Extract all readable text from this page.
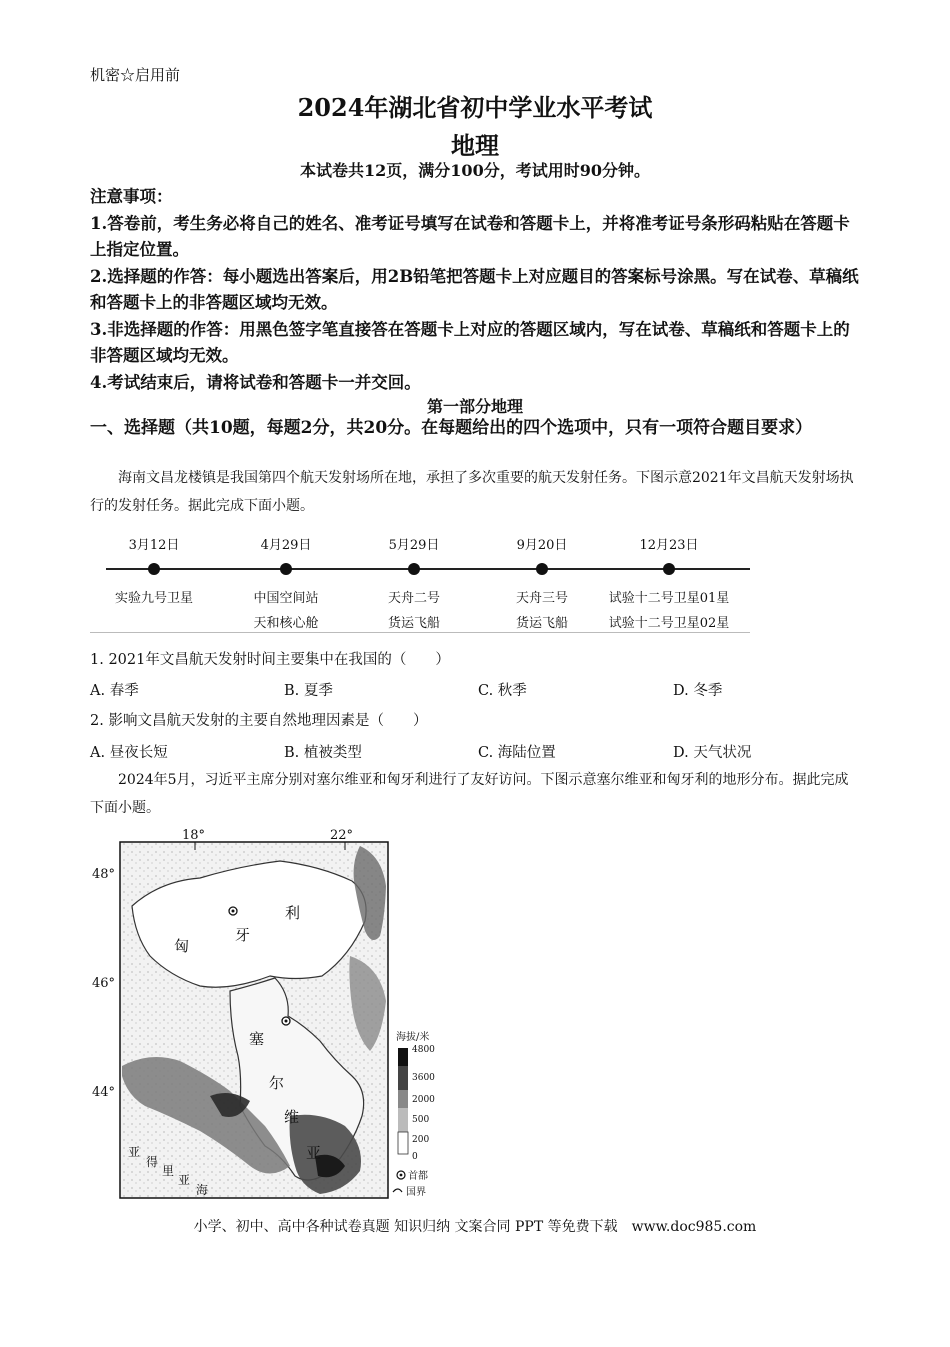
机密☆启用前
2024年湖北省初中学业水平考试
地理
本试卷共12页，满分100分，考试用时90分钟。
注意事项：
1.答卷前，考生务必将自己的姓名、准考证号填写在试卷和答题卡上，并将准考证号条形码粘贴在答题卡上指定位置。
2.选择题的作答：每小题选出答案后，用2B铅笔把答题卡上对应题目的答案标号涂黑。写在试卷、草稿纸和答题卡上的非答题区域均无效。
3.非选择题的作答：用黑色签字笔直接答在答题卡上对应的答题区域内，写在试卷、草稿纸和答题卡上的非答题区域均无效。
4.考试结束后，请将试卷和答题卡一并交回。
第一部分地理
一、选择题（共10题，每题2分，共20分。在每题给出的四个选项中，只有一项符合题目要求）
海南文昌龙楼镇是我国第四个航天发射场所在地，承担了多次重要的航天发射任务。下图示意2021年文昌航天发射场执行的发射任务。据此完成下面小题。
3月12日
实验九号卫星
4月29日
中国空间站
天和核心舱
5月29日
天舟二号
货运飞船
9月20日
天舟三号
货运飞船
12月23日
试验十二号卫星01星
试验十二号卫星02星
1. 2021年文昌航天发射时间主要集中在我国的（　　）
A. 春季	B. 夏季	C. 秋季	D. 冬季
2. 影响文昌航天发射的主要自然地理因素是（　　）
A. 昼夜长短	B. 植被类型	C. 海陆位置	D. 天气状况
2024年5月，习近平主席分别对塞尔维亚和匈牙利进行了友好访问。下图示意塞尔维亚和匈牙利的地形分布。据此完成下面小题。
18°	22°
48°
46°
44°
匈
牙
利
塞
尔
维
亚
亚
得
里
亚
海
海拔/米
4800
3600
2000
500
200
0
首都
国界
小学、初中、高中各种试卷真题 知识归纳 文案合同 PPT 等免费下载　www.doc985.com
